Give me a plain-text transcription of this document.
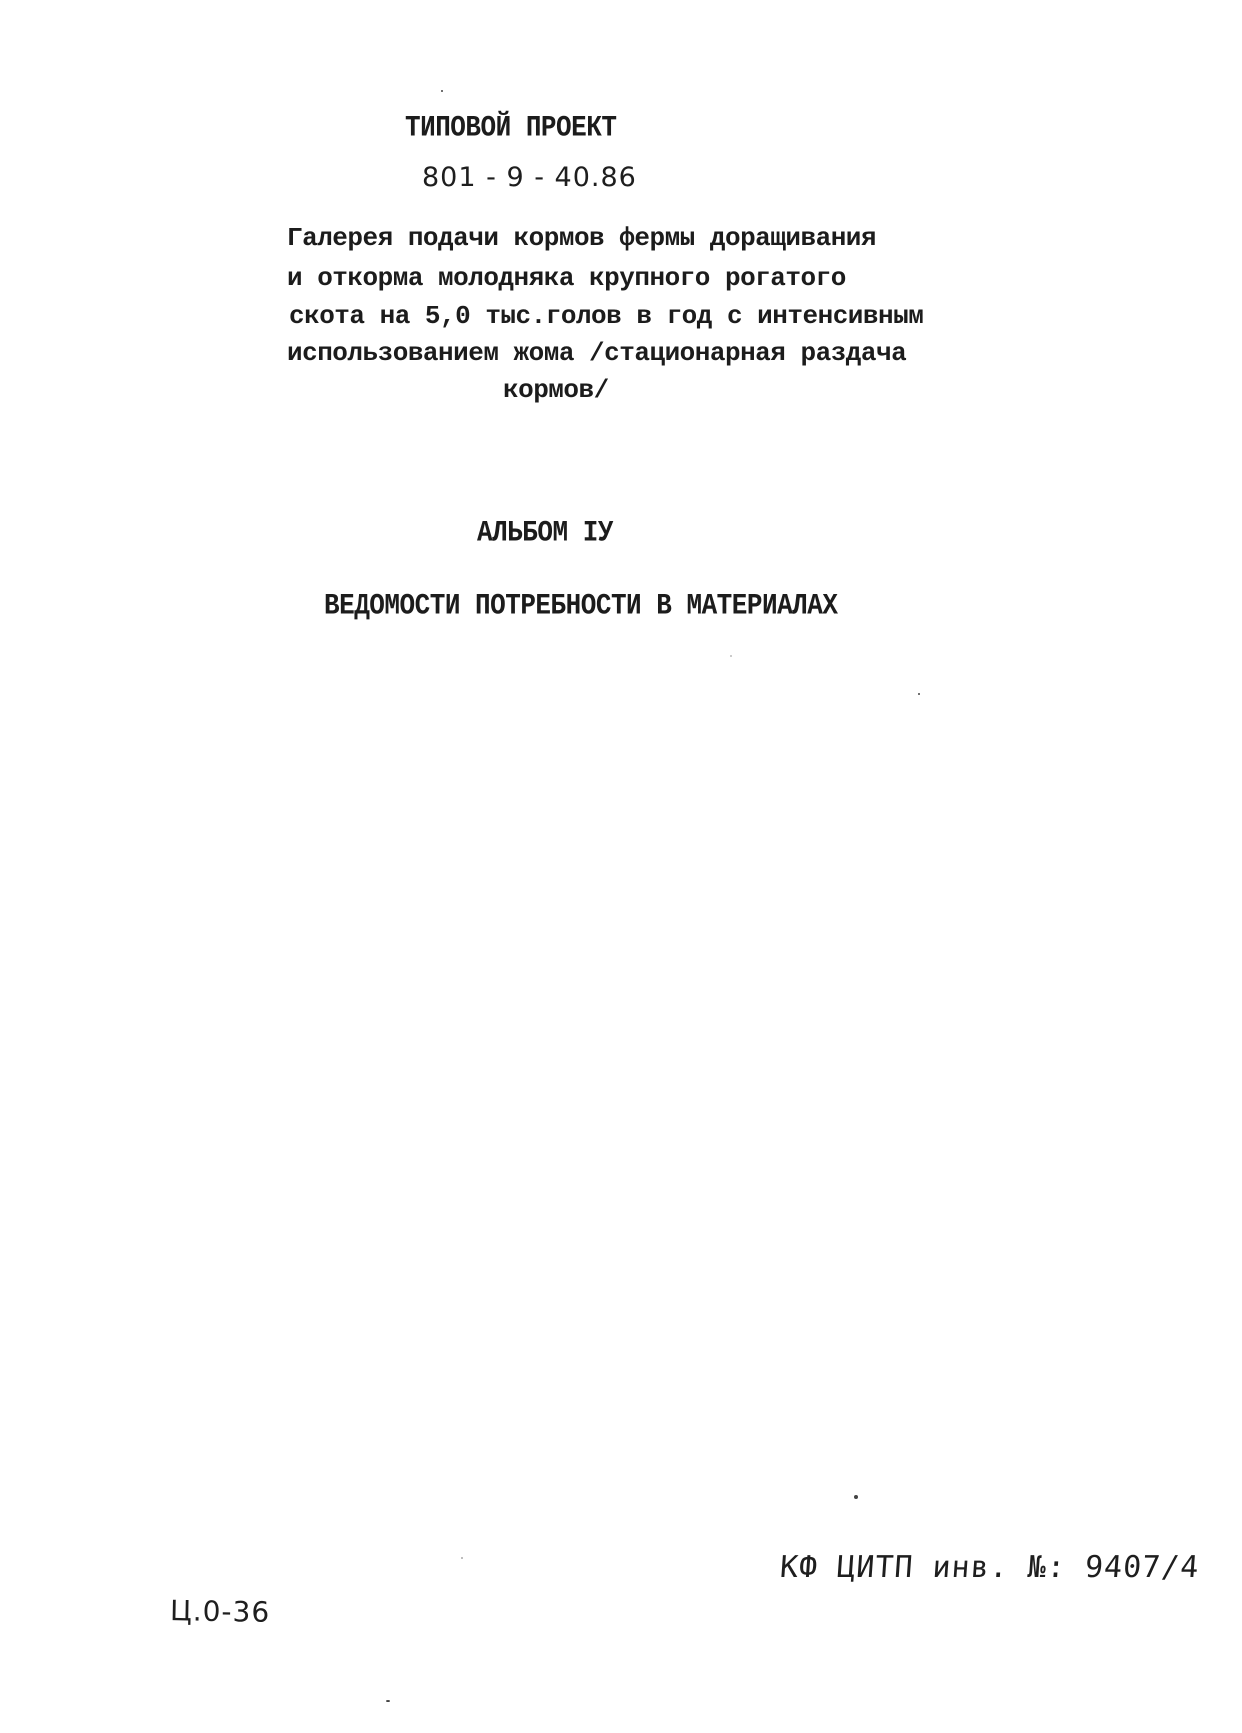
ТИПОВОЙ ПРОЕКТ
801 - 9 - 40.86
Галерея подачи кормов фермы доращивания
и откорма молодняка крупного рогатого
скота на 5,0 тыс.голов в год с интенсивным
использованием жома /стационарная раздача
кормов/
АЛЬБОМ IУ
ВЕДОМОСТИ ПОТРЕБНОСТИ В МАТЕРИАЛАХ
КФ ЦИТП инв. №: 9407/4
Ц.0-36
